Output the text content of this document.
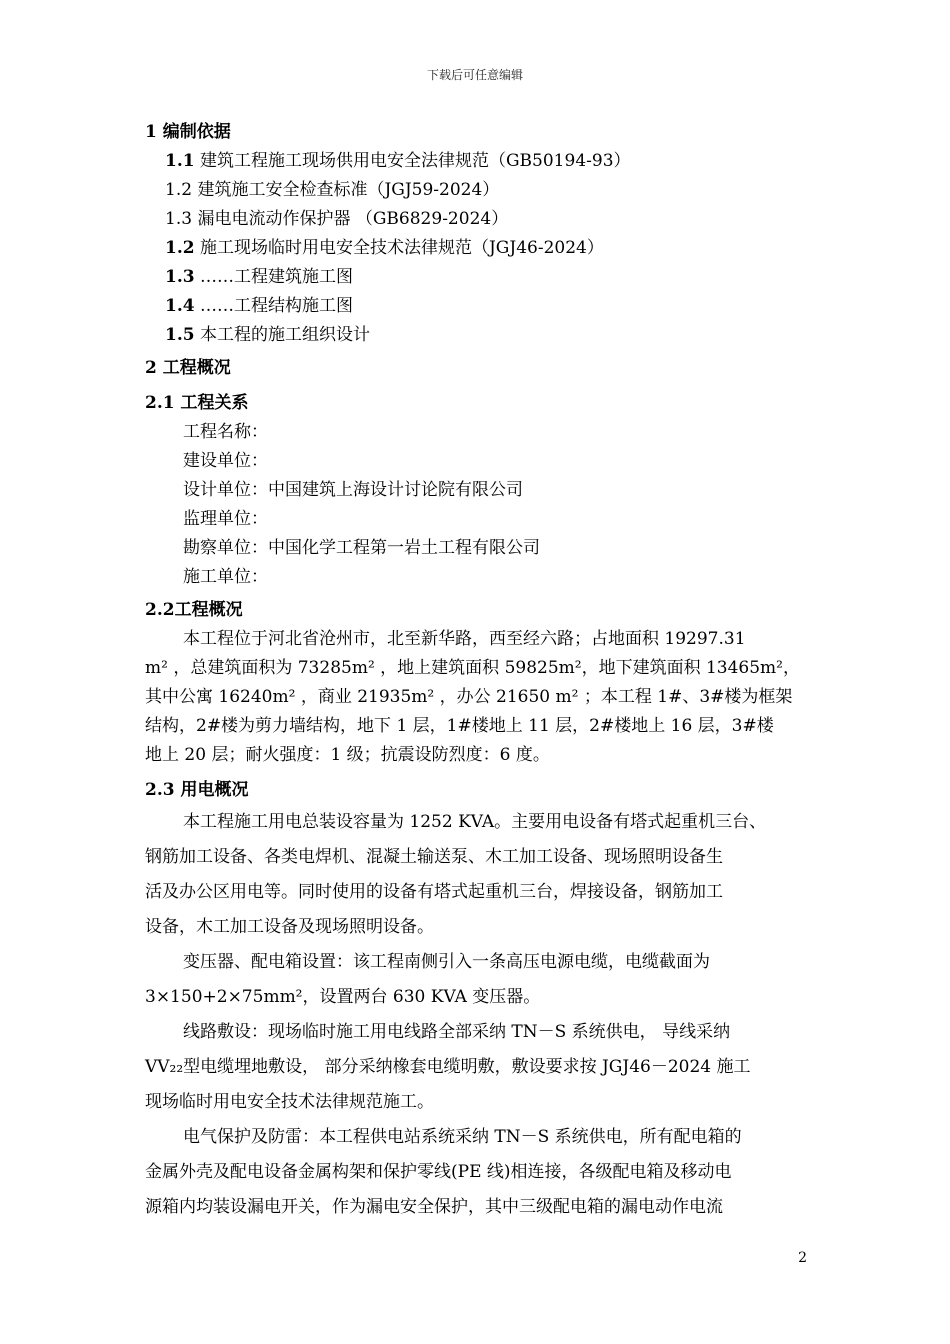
下载后可任意编辑
1 编制依据
1.1 建筑工程施工现场供用电安全法律规范（GB50194-93）
1.2 建筑施工安全检查标准（JGJ59-2024）
1.3 漏电电流动作保护器 （GB6829-2024）
1.2 施工现场临时用电安全技术法律规范（JGJ46-2024）
1.3 ……工程建筑施工图
1.4 ……工程结构施工图
1.5 本工程的施工组织设计
2 工程概况
2.1 工程关系
工程名称：
建设单位：
设计单位：中国建筑上海设计讨论院有限公司
监理单位：
勘察单位：中国化学工程第一岩土工程有限公司
施工单位：
2.2工程概况
本工程位于河北省沧州市，北至新华路，西至经六路；占地面积 19297.31
m² ，总建筑面积为 73285m² ，地上建筑面积 59825m²，地下建筑面积 13465m²，
其中公寓 16240m² ，商业 21935m² ，办公 21650 m² ；本工程 1#、3#楼为框架
结构，2#楼为剪力墙结构，地下 1 层，1#楼地上 11 层，2#楼地上 16 层，3#楼
地上 20 层；耐火强度：1 级；抗震设防烈度：6 度。
2.3 用电概况
本工程施工用电总装设容量为 1252 KVA。主要用电设备有塔式起重机三台、
钢筋加工设备、各类电焊机、混凝土输送泵、木工加工设备、现场照明设备生
活及办公区用电等。同时使用的设备有塔式起重机三台，焊接设备，钢筋加工
设备，木工加工设备及现场照明设备。
变压器、配电箱设置：该工程南侧引入一条高压电源电缆，电缆截面为
3×150+2×75mm²，设置两台 630 KVA 变压器。
线路敷设：现场临时施工用电线路全部采纳 TN－S 系统供电， 导线采纳
VV₂₂型电缆埋地敷设， 部分采纳橡套电缆明敷，敷设要求按 JGJ46－2024 施工
现场临时用电安全技术法律规范施工。
电气保护及防雷：本工程供电站系统采纳 TN－S 系统供电，所有配电箱的
金属外壳及配电设备金属构架和保护零线(PE 线)相连接，各级配电箱及移动电
源箱内均装设漏电开关，作为漏电安全保护，其中三级配电箱的漏电动作电流
2
